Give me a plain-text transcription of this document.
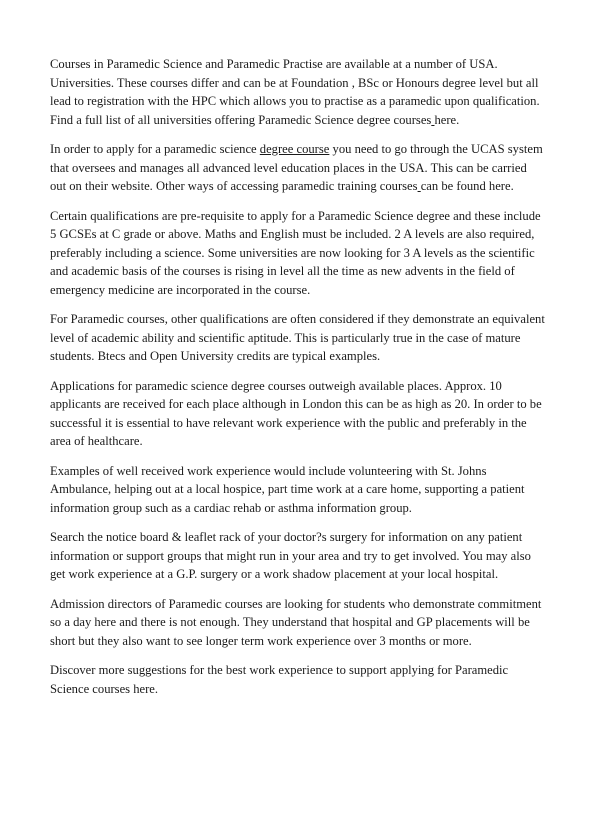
Courses in Paramedic Science and Paramedic Practise are available at a number of USA. Universities. These courses differ and can be at Foundation , BSc or Honours degree level but all lead to registration with the HPC which allows you to practise as a paramedic upon qualification. Find a full list of all universities offering Paramedic Science degree courses here.

In order to apply for a paramedic science degree course you need to go through the UCAS system that oversees and manages all advanced level education places in the USA. This can be carried out on their website. Other ways of accessing paramedic training courses can be found here.

Certain qualifications are pre-requisite to apply for a Paramedic Science degree and these include 5 GCSEs at C grade or above. Maths and English must be included. 2 A levels are also required, preferably including a science. Some universities are now looking for 3 A levels as the scientific and academic basis of the courses is rising in level all the time as new advents in the field of emergency medicine are incorporated in the course.

For Paramedic courses, other qualifications are often considered if they demonstrate an equivalent level of academic ability and scientific aptitude. This is particularly true in the case of mature students. Btecs and Open University credits are typical examples.

Applications for paramedic science degree courses outweigh available places. Approx. 10 applicants are received for each place although in London this can be as high as 20. In order to be successful it is essential to have relevant work experience with the public and preferably in the area of healthcare.

Examples of well received work experience would include volunteering with St. Johns Ambulance, helping out at a local hospice, part time work at a care home, supporting a patient information group such as a cardiac rehab or asthma information group.

Search the notice board & leaflet rack of your doctor?s surgery for information on any patient information or support groups that might run in your area and try to get involved. You may also get work experience at a G.P. surgery or a work shadow placement at your local hospital.

Admission directors of Paramedic courses are looking for students who demonstrate commitment so a day here and there is not enough. They understand that hospital and GP placements will be short but they also want to see longer term work experience over 3 months or more.

Discover more suggestions for the best work experience to support applying for Paramedic Science courses here.
